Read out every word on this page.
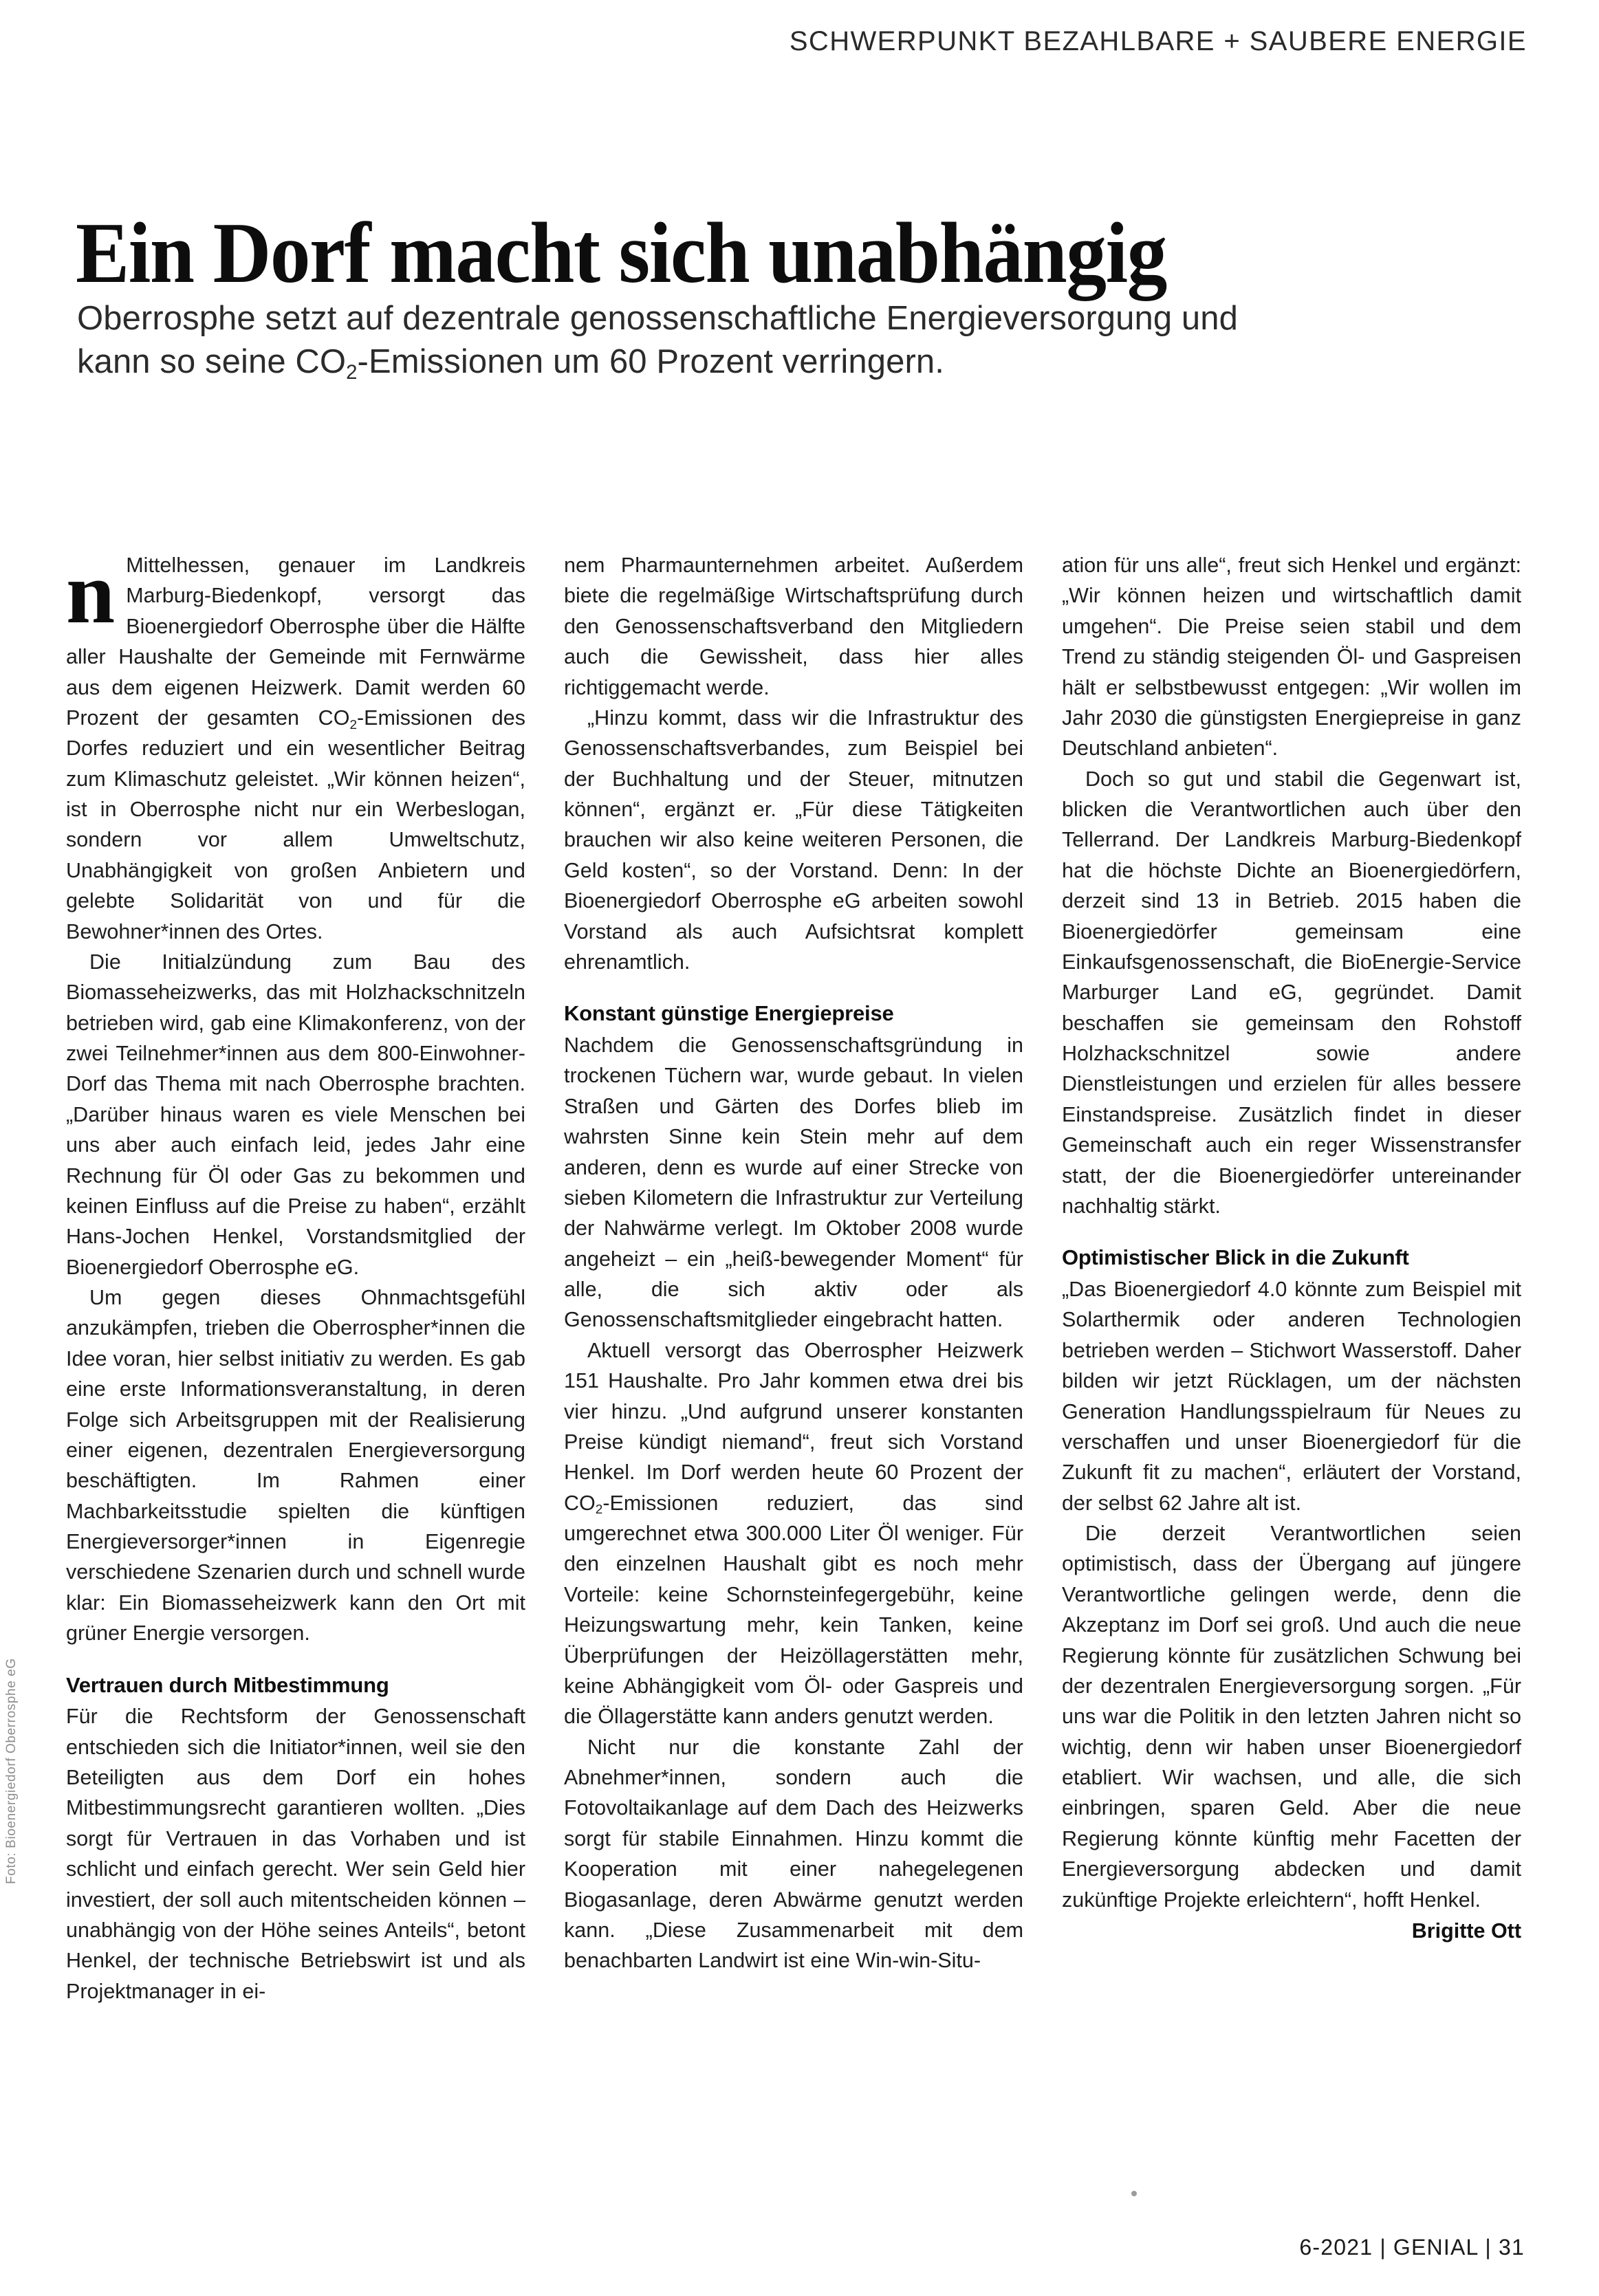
SCHWERPUNKT BEZAHLBARE + SAUBERE ENERGIE
Ein Dorf macht sich unabhängig
Oberrosphe setzt auf dezentrale genossenschaftliche Energieversorgung und
kann so seine $CO_2$-Emissionen um 60 Prozent verringern.

nMittelhessen, genauer im Landkreis Marburg-Biedenkopf, versorgt das Bioenergiedorf Oberrosphe über die Hälfte aller Haushalte der Gemeinde mit Fernwärme aus dem eigenen Heizwerk. Damit werden 60 Prozent der gesamten $CO_2$-Emissionen des Dorfes reduziert und ein wesentlicher Beitrag zum Klimaschutz geleistet. „Wir können heizen“, ist in Oberrosphe nicht nur ein Werbeslogan, sondern vor allem Umweltschutz, Unabhängigkeit von großen Anbietern und gelebte Solidarität von und für die Bewohner*innen des Ortes.

Die Initialzündung zum Bau des Biomasseheizwerks, das mit Holzhackschnitzeln betrieben wird, gab eine Klimakonferenz, von der zwei Teilnehmer*innen aus dem 800-Einwohner-Dorf das Thema mit nach Oberrosphe brachten. „Darüber hinaus waren es viele Menschen bei uns aber auch einfach leid, jedes Jahr eine Rechnung für Öl oder Gas zu bekommen und keinen Einfluss auf die Preise zu haben“, erzählt Hans-Jochen Henkel, Vorstandsmitglied der Bioenergiedorf Oberrosphe eG.

Um gegen dieses Ohnmachtsgefühl anzukämpfen, trieben die Oberrospher*innen die Idee voran, hier selbst initiativ zu werden. Es gab eine erste Informationsveranstaltung, in deren Folge sich Arbeitsgruppen mit der Realisierung einer eigenen, dezentralen Energieversorgung beschäftigten. Im Rahmen einer Machbarkeitsstudie spielten die künftigen Energieversorger*innen in Eigenregie verschiedene Szenarien durch und schnell wurde klar: Ein Biomasseheizwerk kann den Ort mit grüner Energie versorgen.

Vertrauen durch Mitbestimmung

Für die Rechtsform der Genossenschaft entschieden sich die Initiator*innen, weil sie den Beteiligten aus dem Dorf ein hohes Mitbestimmungsrecht garantieren wollten. „Dies sorgt für Vertrauen in das Vorhaben und ist schlicht und einfach gerecht. Wer sein Geld hier investiert, der soll auch mitentscheiden können – unabhängig von der Höhe seines Anteils“, betont Henkel, der technische Betriebswirt ist und als Projektmanager in ei-

nem Pharmaunternehmen arbeitet. Außerdem biete die regelmäßige Wirtschaftsprüfung durch den Genossenschaftsverband den Mitgliedern auch die Gewissheit, dass hier alles richtiggemacht werde.

„Hinzu kommt, dass wir die Infrastruktur des Genossenschaftsverbandes, zum Beispiel bei der Buchhaltung und der Steuer, mitnutzen können“, ergänzt er. „Für diese Tätigkeiten brauchen wir also keine weiteren Personen, die Geld kosten“, so der Vorstand. Denn: In der Bioenergiedorf Oberrosphe eG arbeiten sowohl Vorstand als auch Aufsichtsrat komplett ehrenamtlich.

Konstant günstige Energiepreise

Nachdem die Genossenschaftsgründung in trockenen Tüchern war, wurde gebaut. In vielen Straßen und Gärten des Dorfes blieb im wahrsten Sinne kein Stein mehr auf dem anderen, denn es wurde auf einer Strecke von sieben Kilometern die Infrastruktur zur Verteilung der Nahwärme verlegt. Im Oktober 2008 wurde angeheizt – ein „heiß-bewegender Moment“ für alle, die sich aktiv oder als Genossenschaftsmitglieder eingebracht hatten.

Aktuell versorgt das Oberrospher Heizwerk 151 Haushalte. Pro Jahr kommen etwa drei bis vier hinzu. „Und aufgrund unserer konstanten Preise kündigt niemand“, freut sich Vorstand Henkel. Im Dorf werden heute 60 Prozent der $CO_2$-Emissionen reduziert, das sind umgerechnet etwa 300.000 Liter Öl weniger. Für den einzelnen Haushalt gibt es noch mehr Vorteile: keine Schornsteinfegergebühr, keine Heizungswartung mehr, kein Tanken, keine Überprüfungen der Heizöllagerstätten mehr, keine Abhängigkeit vom Öl- oder Gaspreis und die Öllagerstätte kann anders genutzt werden.

Nicht nur die konstante Zahl der Abnehmer*innen, sondern auch die Fotovoltaikanlage auf dem Dach des Heizwerks sorgt für stabile Einnahmen. Hinzu kommt die Kooperation mit einer nahegelegenen Biogasanlage, deren Abwärme genutzt werden kann. „Diese Zusammenarbeit mit dem benachbarten Landwirt ist eine Win-win-Situ-

ation für uns alle“, freut sich Henkel und ergänzt: „Wir können heizen und wirtschaftlich damit umgehen“. Die Preise seien stabil und dem Trend zu ständig steigenden Öl- und Gaspreisen hält er selbstbewusst entgegen: „Wir wollen im Jahr 2030 die günstigsten Energiepreise in ganz Deutschland anbieten“.

Doch so gut und stabil die Gegenwart ist, blicken die Verantwortlichen auch über den Tellerrand. Der Landkreis Marburg-Biedenkopf hat die höchste Dichte an Bioenergiedörfern, derzeit sind 13 in Betrieb. 2015 haben die Bioenergiedörfer gemeinsam eine Einkaufsgenossenschaft, die BioEnergie-Service Marburger Land eG, gegründet. Damit beschaffen sie gemeinsam den Rohstoff Holzhackschnitzel sowie andere Dienstleistungen und erzielen für alles bessere Einstandspreise. Zusätzlich findet in dieser Gemeinschaft auch ein reger Wissenstransfer statt, der die Bioenergiedörfer untereinander nachhaltig stärkt.

Optimistischer Blick in die Zukunft

„Das Bioenergiedorf 4.0 könnte zum Beispiel mit Solarthermik oder anderen Technologien betrieben werden – Stichwort Wasserstoff. Daher bilden wir jetzt Rücklagen, um der nächsten Generation Handlungsspielraum für Neues zu verschaffen und unser Bioenergiedorf für die Zukunft fit zu machen“, erläutert der Vorstand, der selbst 62 Jahre alt ist.

Die derzeit Verantwortlichen seien optimistisch, dass der Übergang auf jüngere Verantwortliche gelingen werde, denn die Akzeptanz im Dorf sei groß. Und auch die neue Regierung könnte für zusätzlichen Schwung bei der dezentralen Energieversorgung sorgen. „Für uns war die Politik in den letzten Jahren nicht so wichtig, denn wir haben unser Bioenergiedorf etabliert. Wir wachsen, und alle, die sich einbringen, sparen Geld. Aber die neue Regierung könnte künftig mehr Facetten der Energieversorgung abdecken und damit zukünftige Projekte erleichtern“, hofft Henkel.

Brigitte Ott
Foto: Bioenergiedorf Oberrosphe eG
6-2021 | GENIAL | 31
